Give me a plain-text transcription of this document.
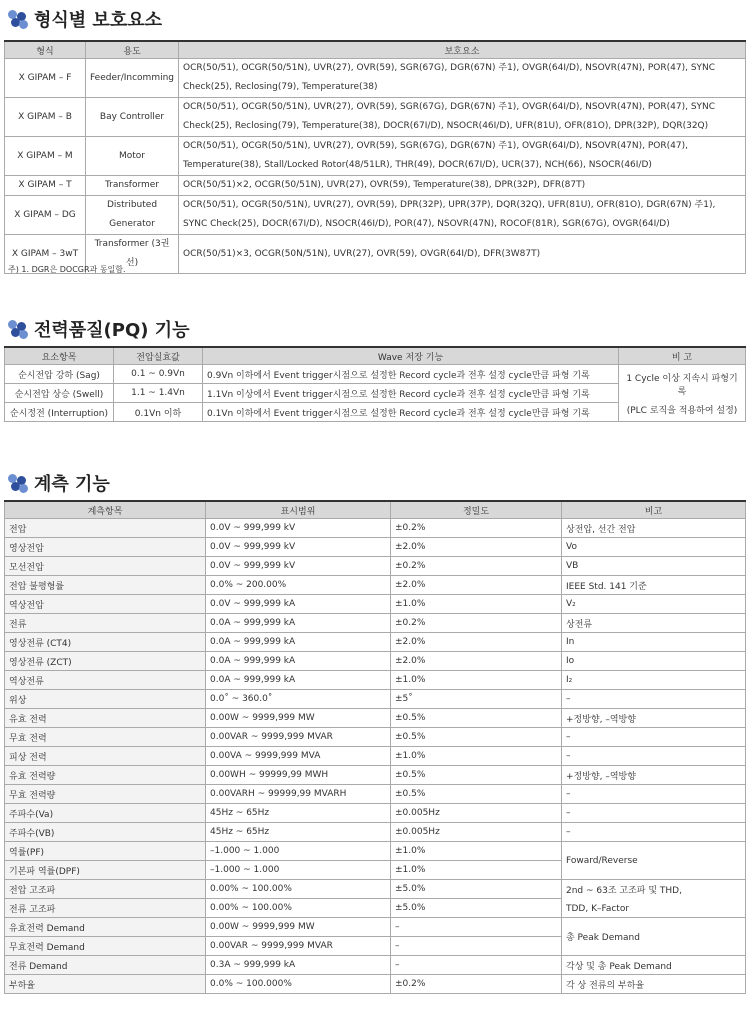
형식별 보호요소
형식	용도	보호요소
X GIPAM – F	Feeder/Incomming	OCR(50/51), OCGR(50/51N), UVR(27), OVR(59), SGR(67G), DGR(67N) 주1), OVGR(64I/D), NSOVR(47N), POR(47), SYNC Check(25), Reclosing(79), Temperature(38)
X GIPAM – B	Bay Controller	OCR(50/51), OCGR(50/51N), UVR(27), OVR(59), SGR(67G), DGR(67N) 주1), OVGR(64I/D), NSOVR(47N), POR(47), SYNC Check(25), Reclosing(79), Temperature(38), DOCR(67I/D), NSOCR(46I/D), UFR(81U), OFR(81O), DPR(32P), DQR(32Q)
X GIPAM – M	Motor	OCR(50/51), OCGR(50/51N), UVR(27), OVR(59), SGR(67G), DGR(67N) 주1), OVGR(64I/D), NSOVR(47N), POR(47), Temperature(38), Stall/Locked Rotor(48/51LR), THR(49), DOCR(67I/D), UCR(37), NCH(66), NSOCR(46I/D)
X GIPAM – T	Transformer	OCR(50/51)×2, OCGR(50/51N), UVR(27), OVR(59), Temperature(38), DPR(32P), DFR(87T)
X GIPAM – DG	Distributed Generator	OCR(50/51), OCGR(50/51N), UVR(27), OVR(59), DPR(32P), UPR(37P), DQR(32Q), UFR(81U), OFR(81O), DGR(67N) 주1), SYNC Check(25), DOCR(67I/D), NSOCR(46I/D), POR(47), NSOVR(47N), ROCOF(81R), SGR(67G), OVGR(64I/D)
X GIPAM – 3wT	Transformer (3권선)	OCR(50/51)×3, OCGR(50N/51N), UVR(27), OVR(59), OVGR(64I/D), DFR(3W87T)
주) 1. DGR은 DOCGR과 동일함.
전력품질(PQ) 기능
요소항목	전압실효값	Wave 저장 기능	비 고
순시전압 강하 (Sag)	0.1 ~ 0.9Vn	0.9Vn 이하에서 Event trigger시점으로 설정한 Record cycle과 전후 설정 cycle만큼 파형 기록	1 Cycle 이상 지속시 파형기록
(PLC 로직을 적용하여 설정)

순시전압 상승 (Swell)	1.1 ~ 1.4Vn	1.1Vn 이상에서 Event trigger시점으로 설정한 Record cycle과 전후 설정 cycle만큼 파형 기록	
순시정전 (Interruption)	0.1Vn 이하	0.1Vn 이하에서 Event trigger시점으로 설정한 Record cycle과 전후 설정 cycle만큼 파형 기록	
계측 기능
계측항목	표시범위	정밀도	비고
전압	0.0V ~ 999,999 kV	±0.2%	상전압, 선간 전압
영상전압	0.0V ~ 999,999 kV	±2.0%	Vo
모선전압	0.0V ~ 999,999 kV	±0.2%	VB
전압 불평형률	0.0% ~ 200.00%	±2.0%	IEEE Std. 141 기준
역상전압	0.0V ~ 999,999 kA	±1.0%	V₂
전류	0.0A ~ 999,999 kA	±0.2%	상전류
영상전류 (CT4)	0.0A ~ 999,999 kA	±2.0%	In
영상전류 (ZCT)	0.0A ~ 999,999 kA	±2.0%	Io
역상전류	0.0A ~ 999,999 kA	±1.0%	I₂
위상	0.0˚ ~ 360.0˚	±5˚	–
유효 전력	0.00W ~ 9999,999 MW	±0.5%	+정방향, –역방향
무효 전력	0.00VAR ~ 9999,999 MVAR	±0.5%	–
피상 전력	0.00VA ~ 9999,999 MVA	±1.0%	–
유효 전력량	0.00WH ~ 99999,99 MWH	±0.5%	+정방향, –역방향
무효 전력량	0.00VARH ~ 99999,99 MVARH	±0.5%	–
주파수(Va)	45Hz ~ 65Hz	±0.005Hz	–
주파수(VB)	45Hz ~ 65Hz	±0.005Hz	–
역률(PF)	–1.000 ~ 1.000	±1.0%	Foward/Reverse
기본파 역률(DPF)	–1.000 ~ 1.000	±1.0%	
전압 고조파	0.00% ~ 100.00%	±5.0%	2nd ~ 63조 고조파 및 THD,
TDD, K–Factor

전류 고조파	0.00% ~ 100.00%	±5.0%	
유효전력 Demand	0.00W ~ 9999,999 MW	–	총 Peak Demand
무효전력 Demand	0.00VAR ~ 9999,999 MVAR	–	
전류 Demand	0.3A ~ 999,999 kA	–	각상 및 총 Peak Demand
부하율	0.0% ~ 100.000%	±0.2%	각 상 전류의 부하율
